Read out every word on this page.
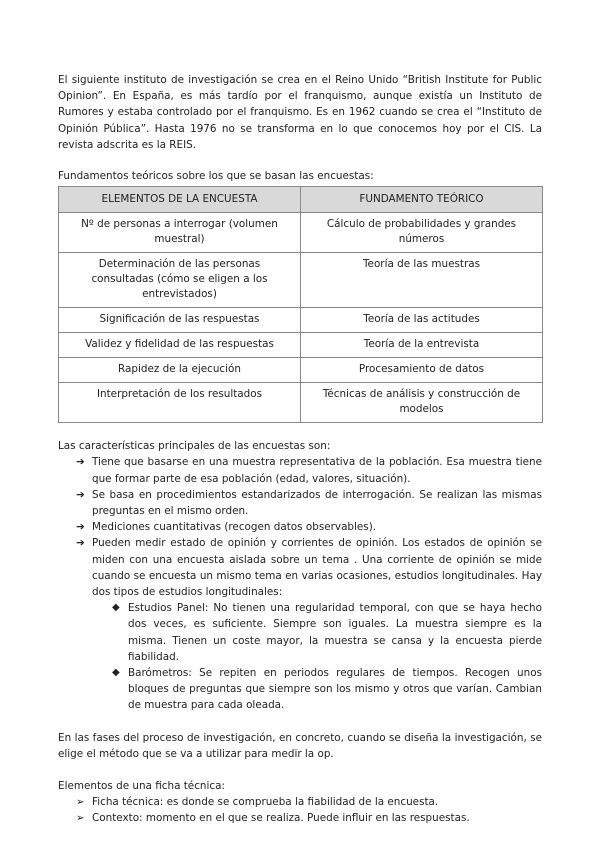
El siguiente instituto de investigación se crea en el Reino Unido “British Institute for Public Opinion”. En España, es más tardío por el franquismo, aunque existía un Instituto de Rumores y estaba controlado por el franquismo. Es en 1962 cuando se crea el “Instituto de Opinión Pública”. Hasta 1976 no se transforma en lo que conocemos hoy por el CIS. La revista adscrita es la REIS.

Fundamentos teóricos sobre los que se basan las encuestas:

ELEMENTOS DE LA ENCUESTA	FUNDAMENTO TEÓRICO
Nº de personas a interrogar (volumen muestral)	Cálculo de probabilidades y grandes números
Determinación de las personas consultadas (cómo se eligen a los entrevistados)	Teoría de las muestras
Significación de las respuestas	Teoría de las actitudes
Validez y fidelidad de las respuestas	Teoría de la entrevista
Rapidez de la ejecución	Procesamiento de datos
Interpretación de los resultados	Técnicas de análisis y construcción de modelos

Las características principales de las encuestas son:

➔ Tiene que basarse en una muestra representativa de la población. Esa muestra tiene que formar parte de esa población (edad, valores, situación).
➔ Se basa en procedimientos estandarizados de interrogación. Se realizan las mismas preguntas en el mismo orden.
➔ Mediciones cuantitativas (recogen datos observables).
➔ Pueden medir estado de opinión y corrientes de opinión. Los estados de opinión se miden con una encuesta aislada sobre un tema . Una corriente de opinión se mide cuando se encuesta un mismo tema en varias ocasiones, estudios longitudinales. Hay dos tipos de estudios longitudinales:
◆ Estudios Panel: No tienen una regularidad temporal, con que se haya hecho dos veces, es suficiente. Siempre son iguales. La muestra siempre es la misma. Tienen un coste mayor, la muestra se cansa y la encuesta pierde fiabilidad.
◆ Barómetros: Se repiten en periodos regulares de tiempos. Recogen unos bloques de preguntas que siempre son los mismo y otros que varían. Cambian de muestra para cada oleada.

En las fases del proceso de investigación, en concreto, cuando se diseña la investigación, se elige el método que se va a utilizar para medir la op.

Elementos de una ficha técnica:

➢ Ficha técnica: es donde se comprueba la fiabilidad de la encuesta.
➢ Contexto: momento en el que se realiza. Puede influir en las respuestas.
